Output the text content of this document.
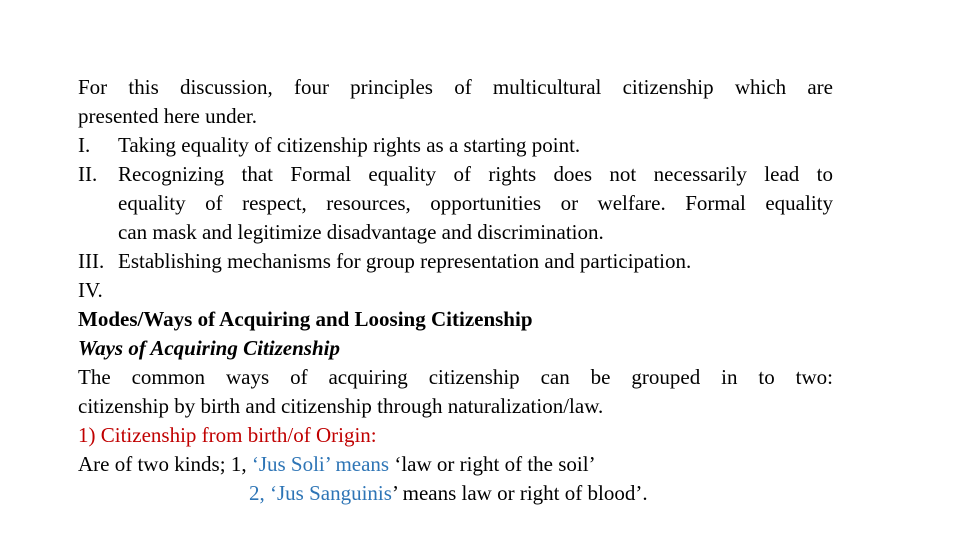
For this discussion, four principles of multicultural citizenship which are
presented here under.
I.	Taking equality of citizenship rights as a starting point.
II. Recognizing that Formal equality of rights does not necessarily lead to
equality of respect, resources, opportunities or welfare. Formal equality
can mask and legitimize disadvantage and discrimination.
III. Establishing mechanisms for group representation and participation.
IV.
Modes/Ways of Acquiring and Loosing Citizenship
Ways of Acquiring Citizenship
The common ways of acquiring citizenship can be grouped in to two:
citizenship by birth and citizenship through naturalization/law.
1) Citizenship from birth/of Origin:
Are of two kinds; 1, ‘Jus Soli’ means ‘law or right of the soil’
2, ‘Jus Sanguinis’ means law or right of blood’.
